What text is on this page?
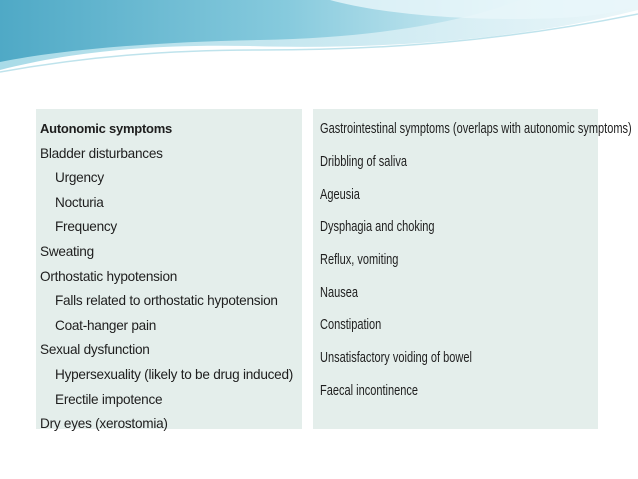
Autonomic symptoms
Bladder disturbances
Urgency
Nocturia
Frequency
Sweating
Orthostatic hypotension
Falls related to orthostatic hypotension
Coat-hanger pain
Sexual dysfunction
Hypersexuality (likely to be drug induced)
Erectile impotence
Dry eyes (xerostomia)
Gastrointestinal symptoms (overlaps with autonomic symptoms)
Dribbling of saliva
Ageusia
Dysphagia and choking
Reflux, vomiting
Nausea
Constipation
Unsatisfactory voiding of bowel
Faecal incontinence
